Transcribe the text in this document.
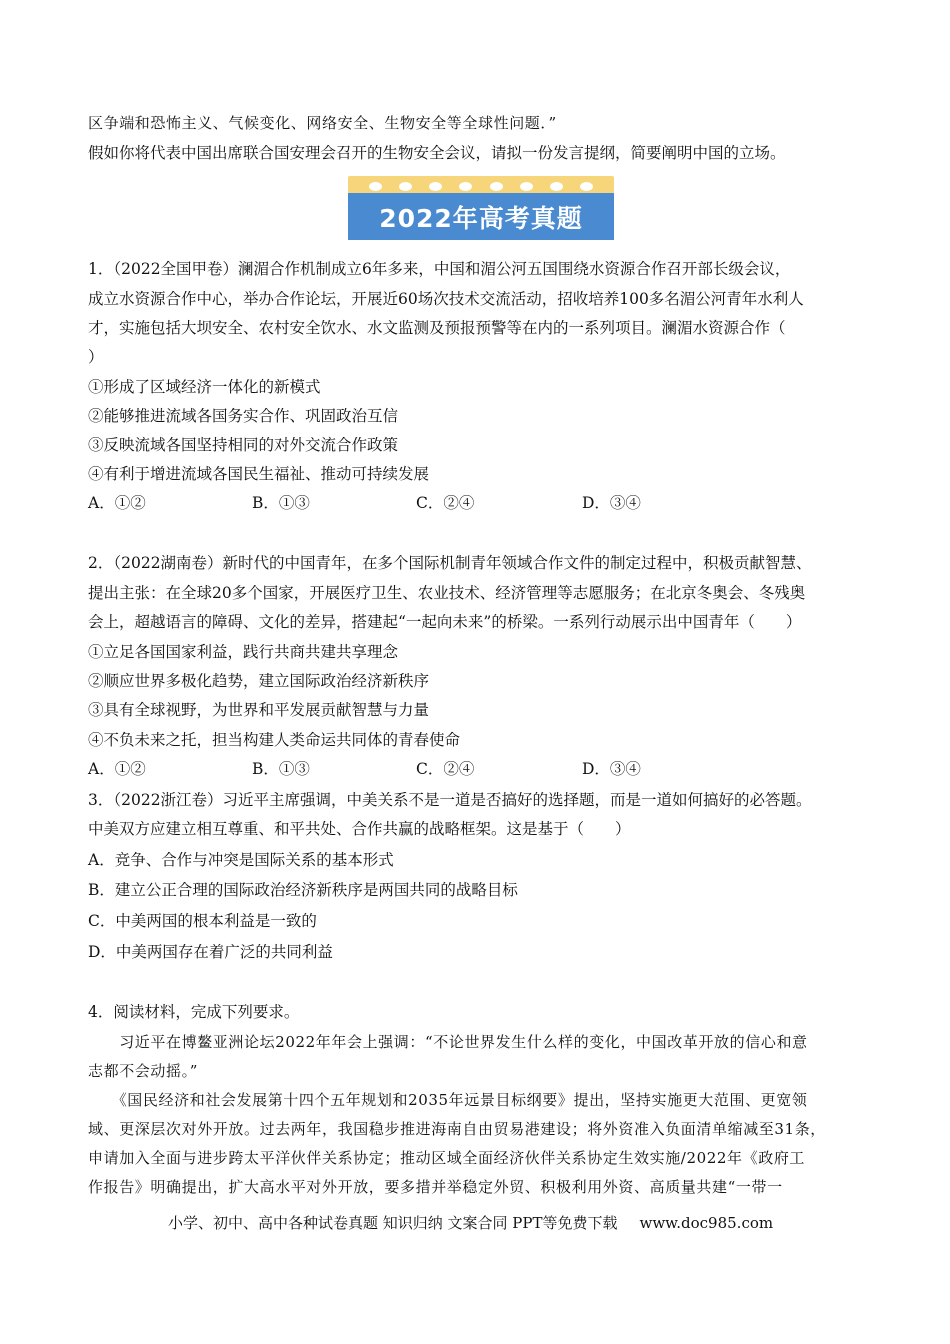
区争端和恐怖主义、气候变化、网络安全、生物安全等全球性问题．”
假如你将代表中国出席联合国安理会召开的生物安全会议，请拟一份发言提纲，简要阐明中国的立场。
2022年高考真题
1．（2022全国甲卷）澜湄合作机制成立6年多来，中国和湄公河五国围绕水资源合作召开部长级会议，
成立水资源合作中心，举办合作论坛，开展近60场次技术交流活动，招收培养100多名湄公河青年水利人
才，实施包括大坝安全、农村安全饮水、水文监测及预报预警等在内的一系列项目。澜湄水资源合作（
）
①形成了区域经济一体化的新模式
②能够推进流域各国务实合作、巩固政治互信
③反映流域各国坚持相同的对外交流合作政策
④有利于增进流域各国民生福祉、推动可持续发展
A．①②	B．①③	C．②④	D．③④
2．（2022湖南卷）新时代的中国青年，在多个国际机制青年领域合作文件的制定过程中，积极贡献智慧、
提出主张：在全球20多个国家，开展医疗卫生、农业技术、经济管理等志愿服务；在北京冬奥会、冬残奥
会上，超越语言的障碍、文化的差异，搭建起“一起向未来”的桥梁。一系列行动展示出中国青年（　　）
①立足各国国家利益，践行共商共建共享理念
②顺应世界多极化趋势，建立国际政治经济新秩序
③具有全球视野，为世界和平发展贡献智慧与力量
④不负未来之托，担当构建人类命运共同体的青春使命
A．①②	B．①③	C．②④	D．③④
3．（2022浙江卷）习近平主席强调，中美关系不是一道是否搞好的选择题，而是一道如何搞好的必答题。
中美双方应建立相互尊重、和平共处、合作共赢的战略框架。这是基于（　　）
A．竞争、合作与冲突是国际关系的基本形式
B．建立公正合理的国际政治经济新秩序是两国共同的战略目标
C．中美两国的根本利益是一致的
D．中美两国存在着广泛的共同利益
4．阅读材料，完成下列要求。
　　习近平在博鳌亚洲论坛2022年年会上强调：“不论世界发生什么样的变化，中国改革开放的信心和意
志都不会动摇。”
　　《国民经济和社会发展第十四个五年规划和2035年远景目标纲要》提出，坚持实施更大范围、更宽领
域、更深层次对外开放。过去两年，我国稳步推进海南自由贸易港建设；将外资准入负面清单缩减至31条，
申请加入全面与进步跨太平洋伙伴关系协定；推动区域全面经济伙伴关系协定生效实施/2022年《政府工
作报告》明确提出，扩大高水平对外开放，要多措并举稳定外贸、积极利用外资、高质量共建“一带一
小学、初中、高中各种试卷真题 知识归纳 文案合同 PPT等免费下载 www.doc985.com
